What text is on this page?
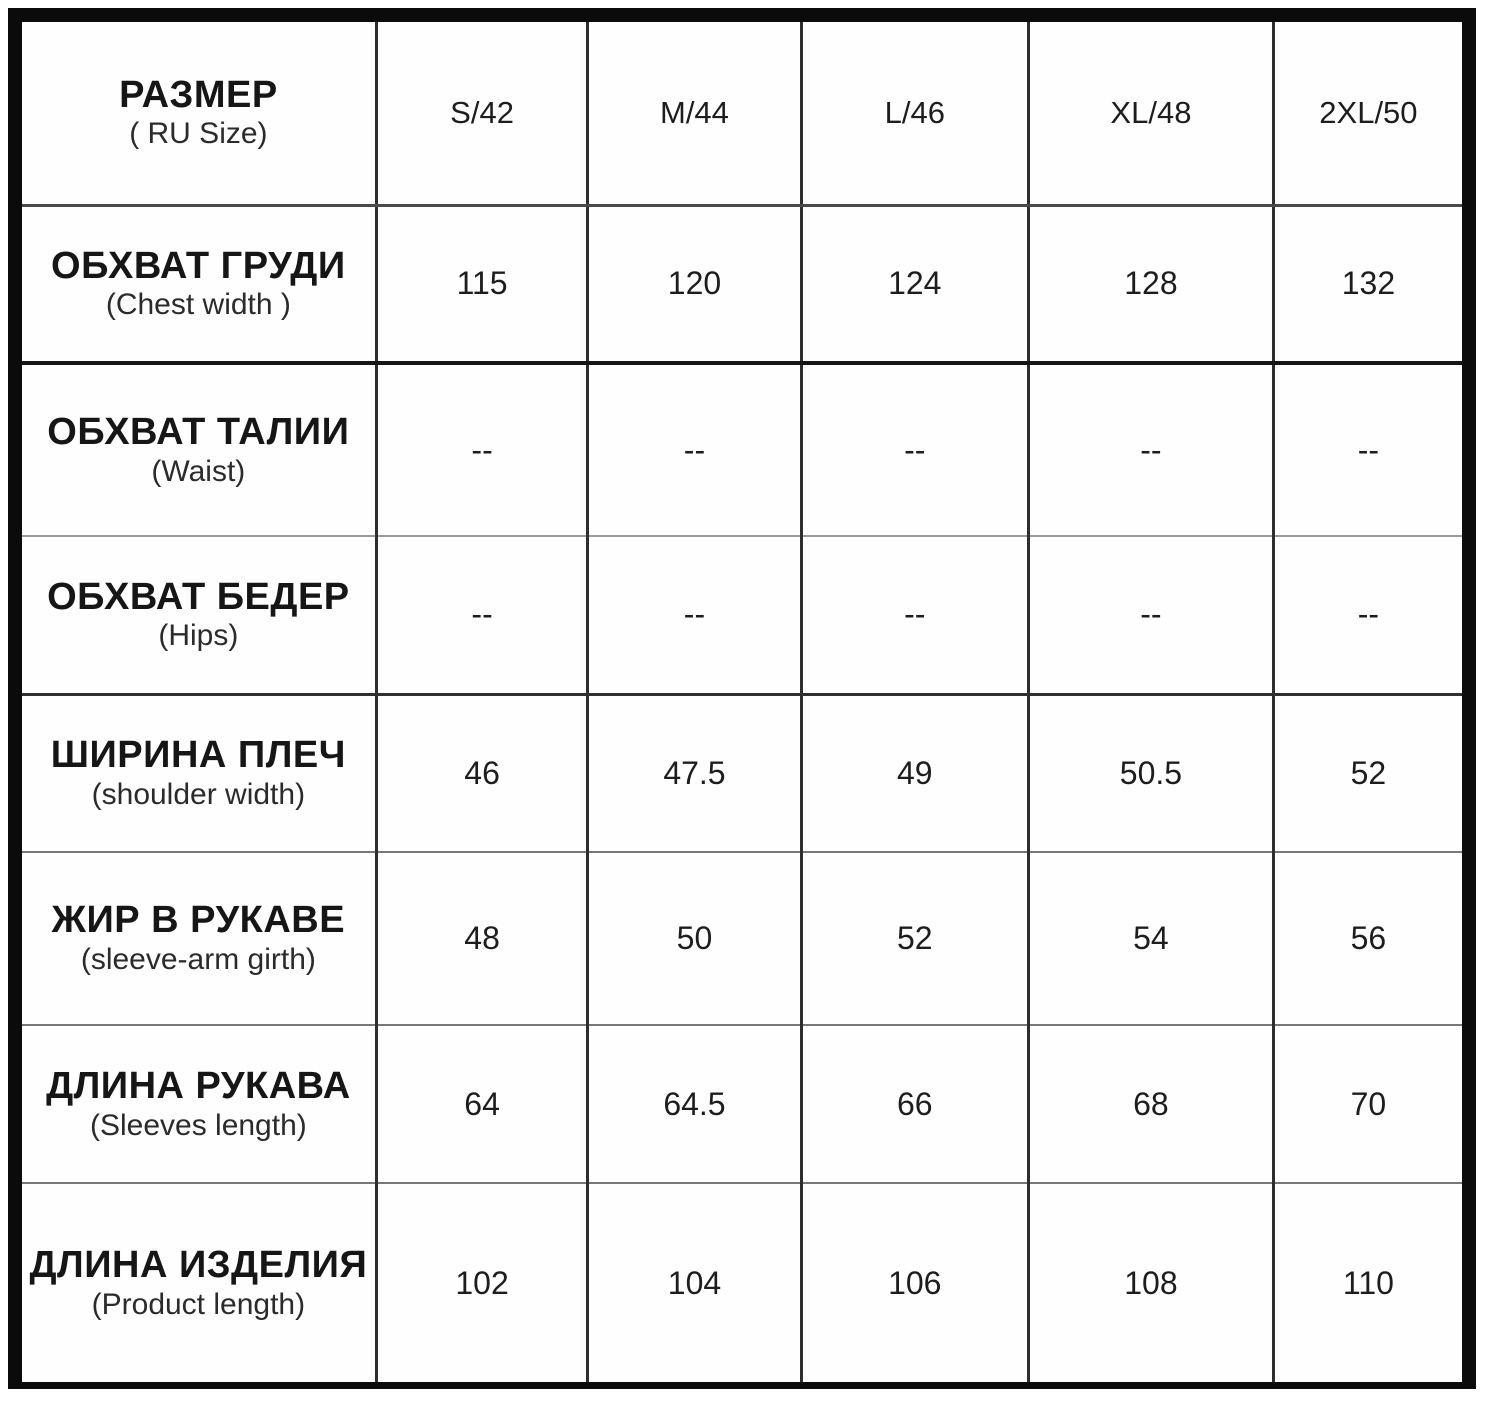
РАЗМЕР
( RU Size)	S/42	M/44	L/46	XL/48	2XL/50

ОБХВАТ ГРУДИ
(Chest width )	115	120	124	128	132

ОБХВАТ ТАЛИИ
(Waist)	--	--	--	--	--

ОБХВАТ БЕДЕР
(Hips)	--	--	--	--	--

ШИРИНА ПЛЕЧ
(shoulder width)	46	47.5	49	50.5	52

ЖИР В РУКАВЕ
(sleeve-arm girth)	48	50	52	54	56

ДЛИНА РУКАВА
(Sleeves length)	64	64.5	66	68	70

ДЛИНА ИЗДЕЛИЯ
(Product length)	102	104	106	108	110
